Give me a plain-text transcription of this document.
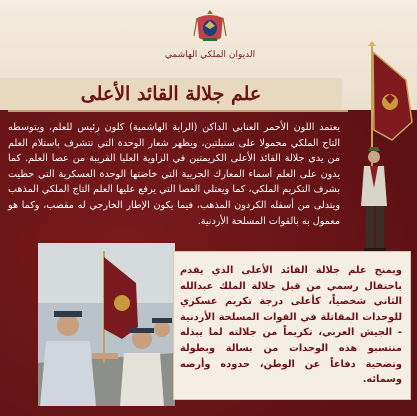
الديوان الملكي الهاشمي
علم جلالة القائد الأعلى
يعتمد اللون الأحمر العنابي الداكن (الراية الهاشمية) كلون رئيس للعلم، ويتوسطه التاج الملكي محمولا على سنبلتين، ويظهر شعار الوحدة التي تتشرف باستلام العلم من يدي جلالة القائد الأعلى الكريمتين في الزاوية العليا القريبة من عصا العلم. كما يدون على العلم أسماء المعارك الحربية التي خاضتها الوحدة العسكرية التي حظيت بشرف التكريم الملكي، كما ويعتلي العصا التي يرفع عليها العلم التاج الملكي المذهب ويتدلى من أسفله الكردون المذهب، فيما يكون الإطار الخارجي له مقصب، وكما هو معمول به بالقوات المسلحة الأردنية.
ويمنح علم جلالة القائد الأعلى الذي يقدم باحتفال رسمي من قبل جلالة الملك عبدالله الثاني شخصياً، كأعلى درجة تكريم عسكري للوحدات المقاتلة في القوات المسلحة الأردنية - الجيش العربي، تكريماً من جلالته لما يبذله منتسبو هذه الوحدات من بسالة وبطولة وتضحية دفاعاً عن الوطن، حدوده وأرضه وسمائه.
